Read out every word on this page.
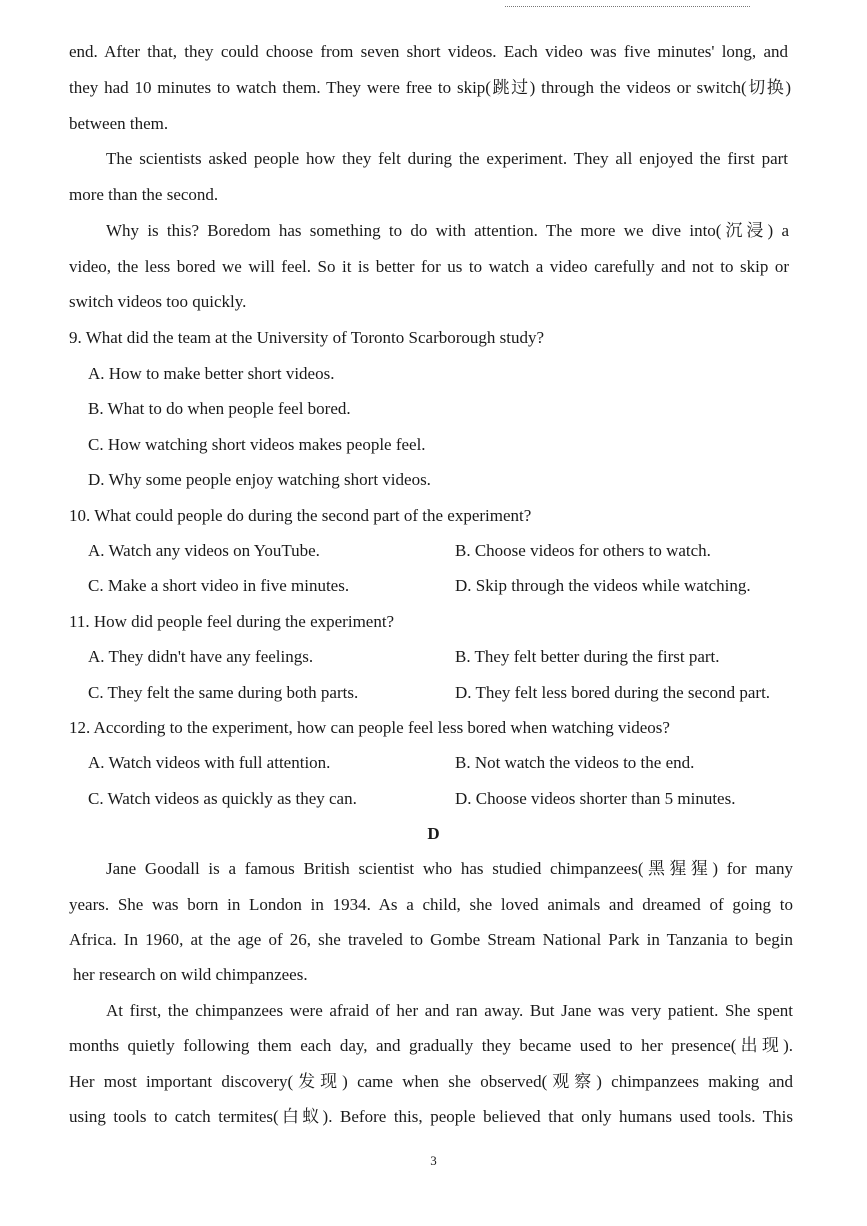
end. After that, they could choose from seven short videos. Each video was five minutes' long, and
they had 10 minutes to watch them. They were free to skip(跳过) through the videos or switch(切换)
between them.
The scientists asked people how they felt during the experiment. They all enjoyed the first part
more than the second.
Why is this? Boredom has something to do with attention. The more we dive into(沉浸) a
video, the less bored we will feel. So it is better for us to watch a video carefully and not to skip or
switch videos too quickly.
9. What did the team at the University of Toronto Scarborough study?
A. How to make better short videos.
B. What to do when people feel bored.
C. How watching short videos makes people feel.
D. Why some people enjoy watching short videos.
10. What could people do during the second part of the experiment?
A. Watch any videos on YouTube.	B. Choose videos for others to watch.
C. Make a short video in five minutes.	D. Skip through the videos while watching.
11. How did people feel during the experiment?
A. They didn't have any feelings.	B. They felt better during the first part.
C. They felt the same during both parts.	D. They felt less bored during the second part.
12. According to the experiment, how can people feel less bored when watching videos?
A. Watch videos with full attention.	B. Not watch the videos to the end.
C. Watch videos as quickly as they can.	D. Choose videos shorter than 5 minutes.
D
Jane Goodall is a famous British scientist who has studied chimpanzees(黑猩猩) for many
years. She was born in London in 1934. As a child, she loved animals and dreamed of going to
Africa. In 1960, at the age of 26, she traveled to Gombe Stream National Park in Tanzania to begin
her research on wild chimpanzees.
At first, the chimpanzees were afraid of her and ran away. But Jane was very patient. She spent
months quietly following them each day, and gradually they became used to her presence(出现).
Her most important discovery(发现) came when she observed(观察) chimpanzees making and
using tools to catch termites(白蚁). Before this, people believed that only humans used tools. This
3
